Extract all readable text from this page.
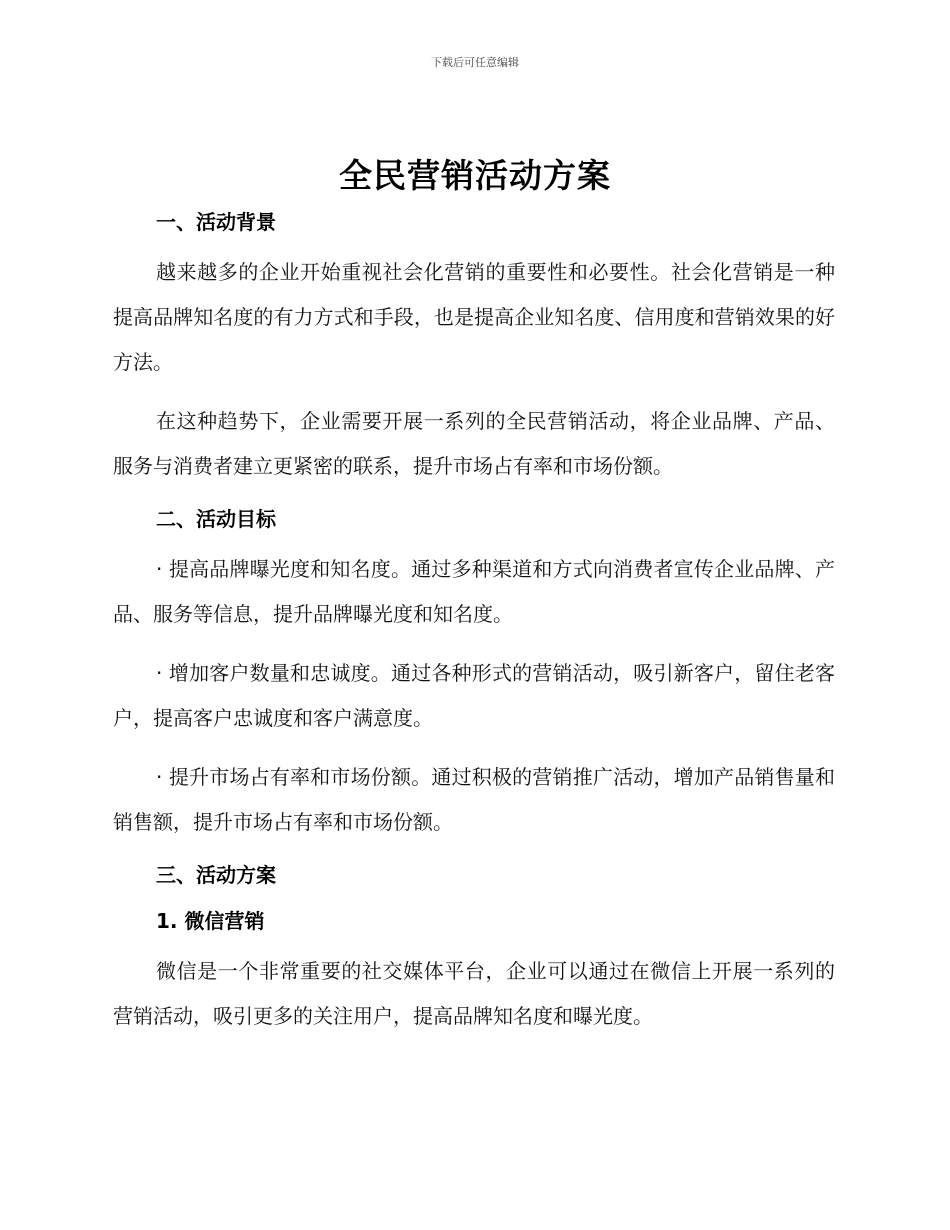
下载后可任意编辑
全民营销活动方案

一、活动背景

越来越多的企业开始重视社会化营销的重要性和必要性。社会化营销是一种提高品牌知名度的有力方式和手段，也是提高企业知名度、信用度和营销效果的好方法。

在这种趋势下，企业需要开展一系列的全民营销活动，将企业品牌、产品、服务与消费者建立更紧密的联系，提升市场占有率和市场份额。

二、活动目标

· 提高品牌曝光度和知名度。通过多种渠道和方式向消费者宣传企业品牌、产品、服务等信息，提升品牌曝光度和知名度。

· 增加客户数量和忠诚度。通过各种形式的营销活动，吸引新客户，留住老客户，提高客户忠诚度和客户满意度。

· 提升市场占有率和市场份额。通过积极的营销推广活动，增加产品销售量和销售额，提升市场占有率和市场份额。

三、活动方案

1. 微信营销

微信是一个非常重要的社交媒体平台，企业可以通过在微信上开展一系列的营销活动，吸引更多的关注用户，提高品牌知名度和曝光度。
